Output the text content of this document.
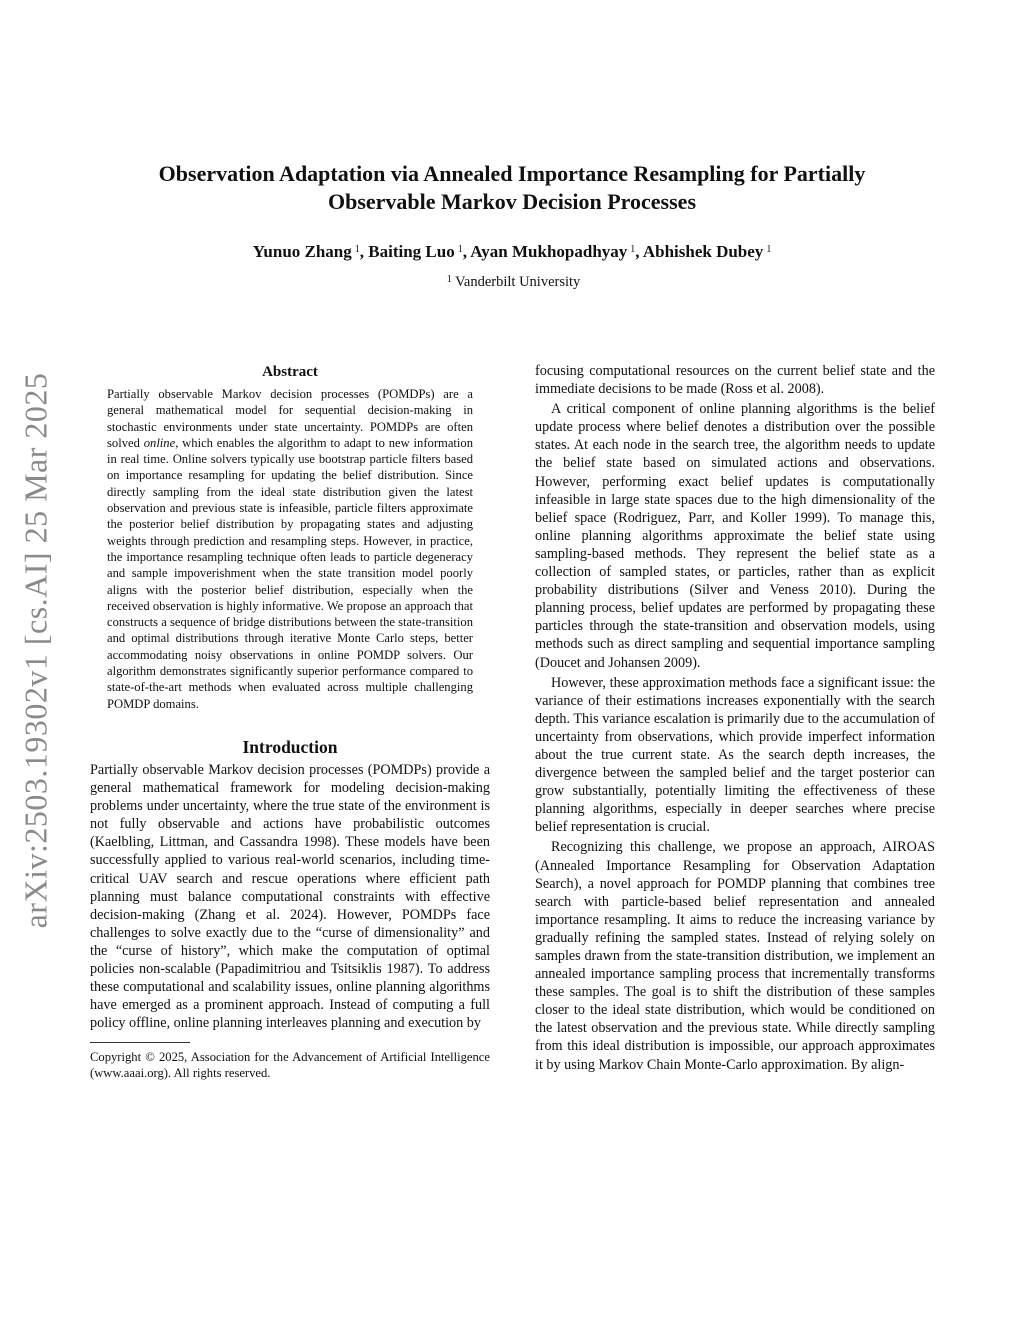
arXiv:2503.19302v1 [cs.AI] 25 Mar 2025
Observation Adaptation via Annealed Importance Resampling for Partially
Observable Markov Decision Processes
Yunuo Zhang $^1$, Baiting Luo $^1$, Ayan Mukhopadhyay $^1$, Abhishek Dubey $^1$
$^1$ Vanderbilt University
Abstract
Partially observable Markov decision processes (POMDPs) are a general mathematical model for sequential decision-making in stochastic environments under state uncertainty. POMDPs are often solved online, which enables the algorithm to adapt to new information in real time. Online solvers typically use bootstrap particle filters based on importance resampling for updating the belief distribution. Since directly sampling from the ideal state distribution given the latest observation and previous state is infeasible, particle filters approximate the posterior belief distribution by propagating states and adjusting weights through prediction and resampling steps. However, in practice, the importance resampling technique often leads to particle degeneracy and sample impoverishment when the state transition model poorly aligns with the posterior belief distribution, especially when the received observation is highly informative. We propose an approach that constructs a sequence of bridge distributions between the state-transition and optimal distributions through iterative Monte Carlo steps, better accommodating noisy observations in online POMDP solvers. Our algorithm demonstrates significantly superior performance compared to state-of-the-art methods when evaluated across multiple challenging POMDP domains.
Introduction

Partially observable Markov decision processes (POMDPs) provide a general mathematical framework for modeling decision-making problems under uncertainty, where the true state of the environment is not fully observable and actions have probabilistic outcomes (Kaelbling, Littman, and Cassandra 1998). These models have been successfully applied to various real-world scenarios, including time-critical UAV search and rescue operations where efficient path planning must balance computational constraints with effective decision-making (Zhang et al. 2024). However, POMDPs face challenges to solve exactly due to the “curse of dimensionality” and the “curse of history”, which make the computation of optimal policies non-scalable (Papadimitriou and Tsitsiklis 1987). To address these computational and scalability issues, online planning algorithms have emerged as a prominent approach. Instead of computing a full policy offline, online planning interleaves planning and execution by

Copyright © 2025, Association for the Advancement of Artificial Intelligence (www.aaai.org). All rights reserved.

focusing computational resources on the current belief state and the immediate decisions to be made (Ross et al. 2008).

A critical component of online planning algorithms is the belief update process where belief denotes a distribution over the possible states. At each node in the search tree, the algorithm needs to update the belief state based on simulated actions and observations. However, performing exact belief updates is computationally infeasible in large state spaces due to the high dimensionality of the belief space (Rodriguez, Parr, and Koller 1999). To manage this, online planning algorithms approximate the belief state using sampling-based methods. They represent the belief state as a collection of sampled states, or particles, rather than as explicit probability distributions (Silver and Veness 2010). During the planning process, belief updates are performed by propagating these particles through the state-transition and observation models, using methods such as direct sampling and sequential importance sampling (Doucet and Johansen 2009).

However, these approximation methods face a significant issue: the variance of their estimations increases exponentially with the search depth. This variance escalation is primarily due to the accumulation of uncertainty from observations, which provide imperfect information about the true current state. As the search depth increases, the divergence between the sampled belief and the target posterior can grow substantially, potentially limiting the effectiveness of these planning algorithms, especially in deeper searches where precise belief representation is crucial.

Recognizing this challenge, we propose an approach, AIROAS (Annealed Importance Resampling for Observation Adaptation Search), a novel approach for POMDP planning that combines tree search with particle-based belief representation and annealed importance resampling. It aims to reduce the increasing variance by gradually refining the sampled states. Instead of relying solely on samples drawn from the state-transition distribution, we implement an annealed importance sampling process that incrementally transforms these samples. The goal is to shift the distribution of these samples closer to the ideal state distribution, which would be conditioned on the latest observation and the previous state. While directly sampling from this ideal distribution is impossible, our approach approximates it by using Markov Chain Monte-Carlo approximation. By align-
